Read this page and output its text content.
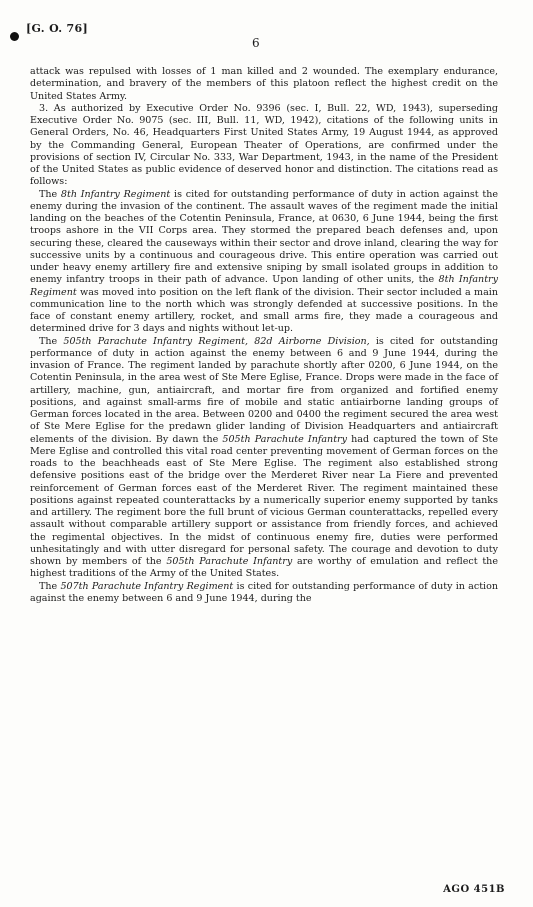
[G. O. 76]
6

attack was repulsed with losses of 1 man killed and 2 wounded. The exemplary endurance, determination, and bravery of the members of this platoon reflect the highest credit on the United States Army.

3. As authorized by Executive Order No. 9396 (sec. I, Bull. 22, WD, 1943), superseding Executive Order No. 9075 (sec. III, Bull. 11, WD, 1942), citations of the following units in General Orders, No. 46, Headquarters First United States Army, 19 August 1944, as approved by the Commanding General, European Theater of Operations, are confirmed under the provisions of section IV, Circular No. 333, War Department, 1943, in the name of the President of the United States as public evidence of deserved honor and distinction. The citations read as follows:

The 8th Infantry Regiment is cited for outstanding performance of duty in action against the enemy during the invasion of the continent. The assault waves of the regiment made the initial landing on the beaches of the Cotentin Peninsula, France, at 0630, 6 June 1944, being the first troops ashore in the VII Corps area. They stormed the prepared beach defenses and, upon securing these, cleared the causeways within their sector and drove inland, clearing the way for successive units by a continuous and courageous drive. This entire operation was carried out under heavy enemy artillery fire and extensive sniping by small isolated groups in addition to enemy infantry troops in their path of advance. Upon landing of other units, the 8th Infantry Regiment was moved into position on the left flank of the division. Their sector included a main communication line to the north which was strongly defended at successive positions. In the face of constant enemy artillery, rocket, and small arms fire, they made a courageous and determined drive for 3 days and nights without let-up.

The 505th Parachute Infantry Regiment, 82d Airborne Division, is cited for outstanding performance of duty in action against the enemy between 6 and 9 June 1944, during the invasion of France. The regiment landed by parachute shortly after 0200, 6 June 1944, on the Cotentin Peninsula, in the area west of Ste Mere Eglise, France. Drops were made in the face of artillery, machine, gun, antiaircraft, and mortar fire from organized and fortified enemy positions, and against small-arms fire of mobile and static antiairborne landing groups of German forces located in the area. Between 0200 and 0400 the regiment secured the area west of Ste Mere Eglise for the predawn glider landing of Division Headquarters and antiaircraft elements of the division. By dawn the 505th Parachute Infantry had captured the town of Ste Mere Eglise and controlled this vital road center preventing movement of German forces on the roads to the beachheads east of Ste Mere Eglise. The regiment also established strong defensive positions east of the bridge over the Merderet River near La Fiere and prevented reinforcement of German forces east of the Merderet River. The regiment maintained these positions against repeated counterattacks by a numerically superior enemy supported by tanks and artillery. The regiment bore the full brunt of vicious German counterattacks, repelled every assault without comparable artillery support or assistance from friendly forces, and achieved the regimental objectives. In the midst of continuous enemy fire, duties were performed unhesitatingly and with utter disregard for personal safety. The courage and devotion to duty shown by members of the 505th Parachute Infantry are worthy of emulation and reflect the highest traditions of the Army of the United States.

The 507th Parachute Infantry Regiment is cited for outstanding performance of duty in action against the enemy between 6 and 9 June 1944, during the

AGO 451B
